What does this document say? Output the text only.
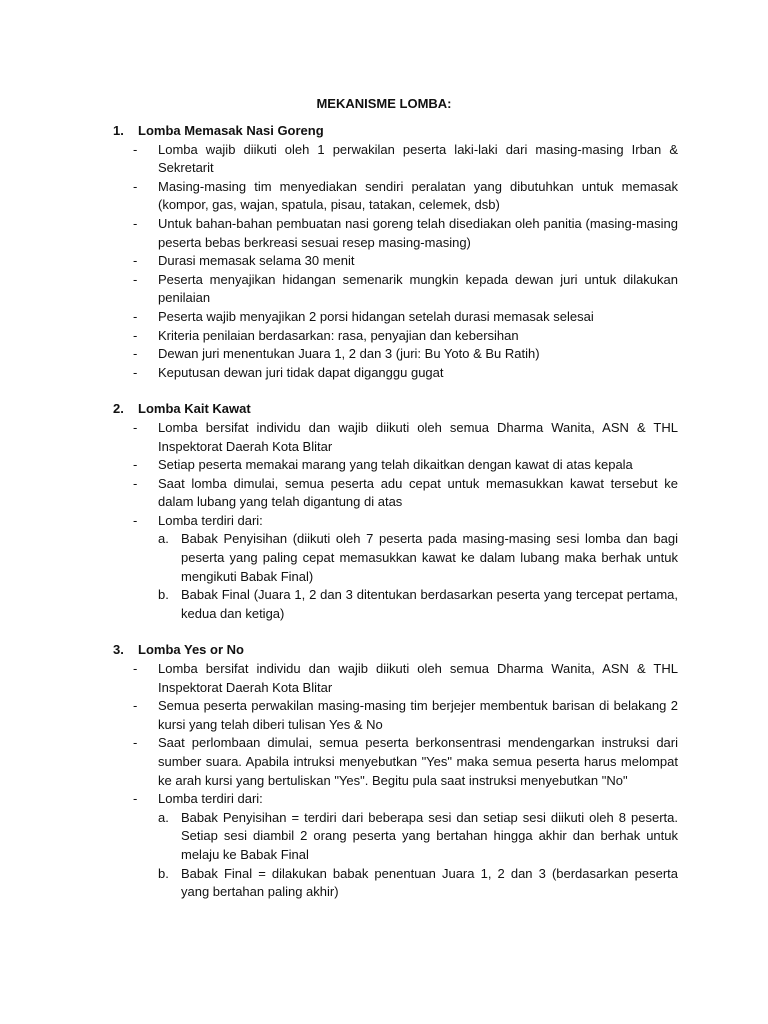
MEKANISME LOMBA:
1.	Lomba Memasak Nasi Goreng
-	Lomba wajib diikuti oleh 1 perwakilan peserta laki-laki dari masing-masing Irban & Sekretarit
-	Masing-masing tim menyediakan sendiri peralatan yang dibutuhkan untuk memasak (kompor, gas, wajan, spatula, pisau, tatakan, celemek, dsb)
-	Untuk bahan-bahan pembuatan nasi goreng telah disediakan oleh panitia (masing-masing peserta bebas berkreasi sesuai resep masing-masing)
-	Durasi memasak selama 30 menit
-	Peserta menyajikan hidangan semenarik mungkin kepada dewan juri untuk dilakukan penilaian
-	Peserta wajib menyajikan 2 porsi hidangan setelah durasi memasak selesai
-	Kriteria penilaian berdasarkan: rasa, penyajian dan kebersihan
-	Dewan juri menentukan Juara 1, 2 dan 3 (juri: Bu Yoto & Bu Ratih)
-	Keputusan dewan juri tidak dapat diganggu gugat
2.	Lomba Kait Kawat
-	Lomba bersifat individu dan wajib diikuti oleh semua Dharma Wanita, ASN & THL Inspektorat Daerah Kota Blitar
-	Setiap peserta memakai marang yang telah dikaitkan dengan kawat di atas kepala
-	Saat lomba dimulai, semua peserta adu cepat untuk memasukkan kawat tersebut ke dalam lubang yang telah digantung di atas
-	Lomba terdiri dari:
a. Babak Penyisihan (diikuti oleh 7 peserta pada masing-masing sesi lomba dan bagi peserta yang paling cepat memasukkan kawat ke dalam lubang maka berhak untuk mengikuti Babak Final)
b. Babak Final (Juara 1, 2 dan 3 ditentukan berdasarkan peserta yang tercepat pertama, kedua dan ketiga)
3.	Lomba Yes or No
-	Lomba bersifat individu dan wajib diikuti oleh semua Dharma Wanita, ASN & THL Inspektorat Daerah Kota Blitar
-	Semua peserta perwakilan masing-masing tim berjejer membentuk barisan di belakang 2 kursi yang telah diberi tulisan Yes & No
-	Saat perlombaan dimulai, semua peserta berkonsentrasi mendengarkan instruksi dari sumber suara. Apabila intruksi menyebutkan "Yes" maka semua peserta harus melompat ke arah kursi yang bertuliskan "Yes". Begitu pula saat instruksi menyebutkan "No"
-	Lomba terdiri dari:
a. Babak Penyisihan = terdiri dari beberapa sesi dan setiap sesi diikuti oleh 8 peserta. Setiap sesi diambil 2 orang peserta yang bertahan hingga akhir dan berhak untuk melaju ke Babak Final
b. Babak Final = dilakukan babak penentuan Juara 1, 2 dan 3 (berdasarkan peserta yang bertahan paling akhir)
